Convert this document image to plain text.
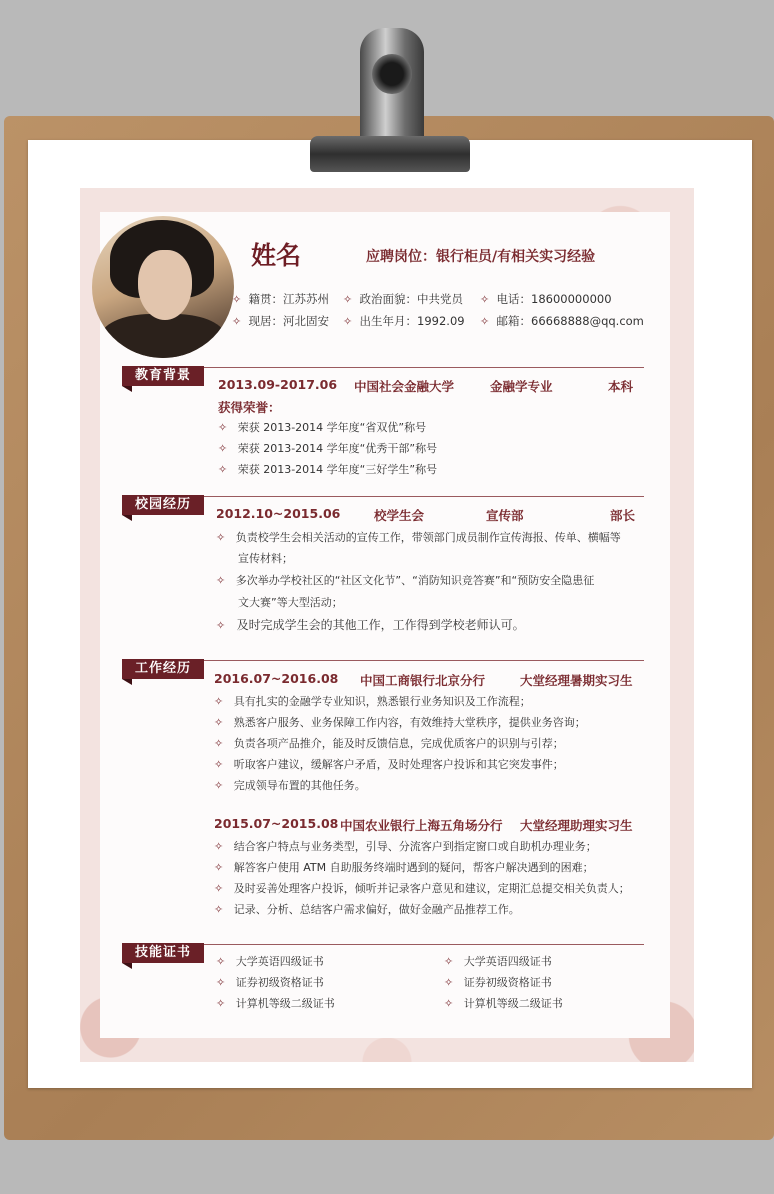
姓名	应聘岗位：银行柜员/有相关实习经验
✧ 籍贯：江苏苏州 ✧ 政治面貌：中共党员 ✧ 电话：18600000000
✧ 现居：河北固安 ✧ 出生年月：1992.09 ✧ 邮箱：66668888@qq.com
教育背景
2013.09-2017.06 中国社会金融大学	金融学专业	本科
获得荣誉：
✧ 荣获 2013-2014 学年度“省双优”称号
✧ 荣获 2013-2014 学年度“优秀干部”称号
✧ 荣获 2013-2014 学年度“三好学生”称号
校园经历
2012.10~2015.06	校学生会	宣传部	部长
✧ 负责校学生会相关活动的宣传工作，带领部门成员制作宣传海报、传单、横幅等
宣传材料；
✧ 多次举办学校社区的“社区文化节”、“消防知识竞答赛”和“预防安全隐患征
文大赛”等大型活动；
✧ 及时完成学生会的其他工作，工作得到学校老师认可。
工作经历
2016.07~2016.08 中国工商银行北京分行	大堂经理暑期实习生
✧ 具有扎实的金融学专业知识，熟悉银行业务知识及工作流程；
✧ 熟悉客户服务、业务保障工作内容，有效维持大堂秩序，提供业务咨询；
✧ 负责各项产品推介，能及时反馈信息，完成优质客户的识别与引荐；
✧ 听取客户建议，缓解客户矛盾，及时处理客户投诉和其它突发事件；
✧ 完成领导布置的其他任务。
2015.07~2015.08 中国农业银行上海五角场分行 大堂经理助理实习生
✧ 结合客户特点与业务类型，引导、分流客户到指定窗口或自助机办理业务；
✧ 解答客户使用 ATM 自助服务终端时遇到的疑问，帮客户解决遇到的困难；
✧ 及时妥善处理客户投诉，倾听并记录客户意见和建议，定期汇总提交相关负责人；
✧ 记录、分析、总结客户需求偏好，做好金融产品推荐工作。
技能证书
✧ 大学英语四级证书
✧ 证券初级资格证书
✧ 计算机等级二级证书
✧ 大学英语四级证书
✧ 证券初级资格证书
✧ 计算机等级二级证书
